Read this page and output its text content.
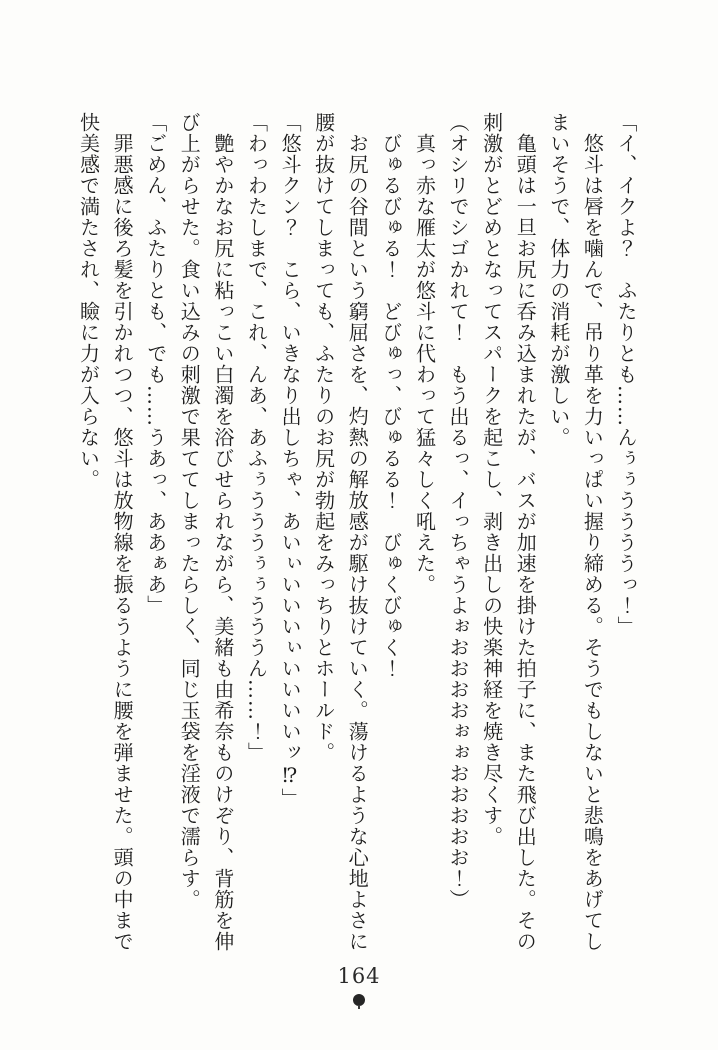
「イ、イクよ？　ふたりとも……んぅぅううううっ！」

悠斗は唇を噛んで、吊り革を力いっぱい握り締める。そうでもしないと悲鳴をあげてしまいそうで、体力の消耗が激しい。

亀頭は一旦お尻に呑み込まれたが、バスが加速を掛けた拍子に、また飛び出した。その刺激がとどめとなってスパークを起こし、剥き出しの快楽神経を焼き尽くす。

（オシリでシゴかれて！　もう出るっ、イっちゃうよぉおおおおぉぉおおおおお！）

真っ赤な雁太が悠斗に代わって猛々しく吼えた。

びゅるびゅる！　どびゅっ、びゅるる！　びゅくびゅく！

お尻の谷間という窮屈さを、灼熱の解放感が駆け抜けていく。蕩けるような心地よさに腰が抜けてしまっても、ふたりのお尻が勃起をみっちりとホールド。

「悠斗クン？　こら、いきなり出しちゃ、あいぃいいいぃいいいいッ⁉」

「わっわたしまで、これ、んあ、あふぅうううぅぅうううん……！」

艶やかなお尻に粘っこい白濁を浴びせられながら、美緒も由希奈ものけぞり、背筋を伸び上がらせた。食い込みの刺激で果ててしまったらしく、同じ玉袋を淫液で濡らす。

「ごめん、ふたりとも、でも……うあっ、ああぁあ」

罪悪感に後ろ髪を引かれつつ、悠斗は放物線を振るうように腰を弾ませた。頭の中まで快美感で満たされ、瞼に力が入らない。

164
